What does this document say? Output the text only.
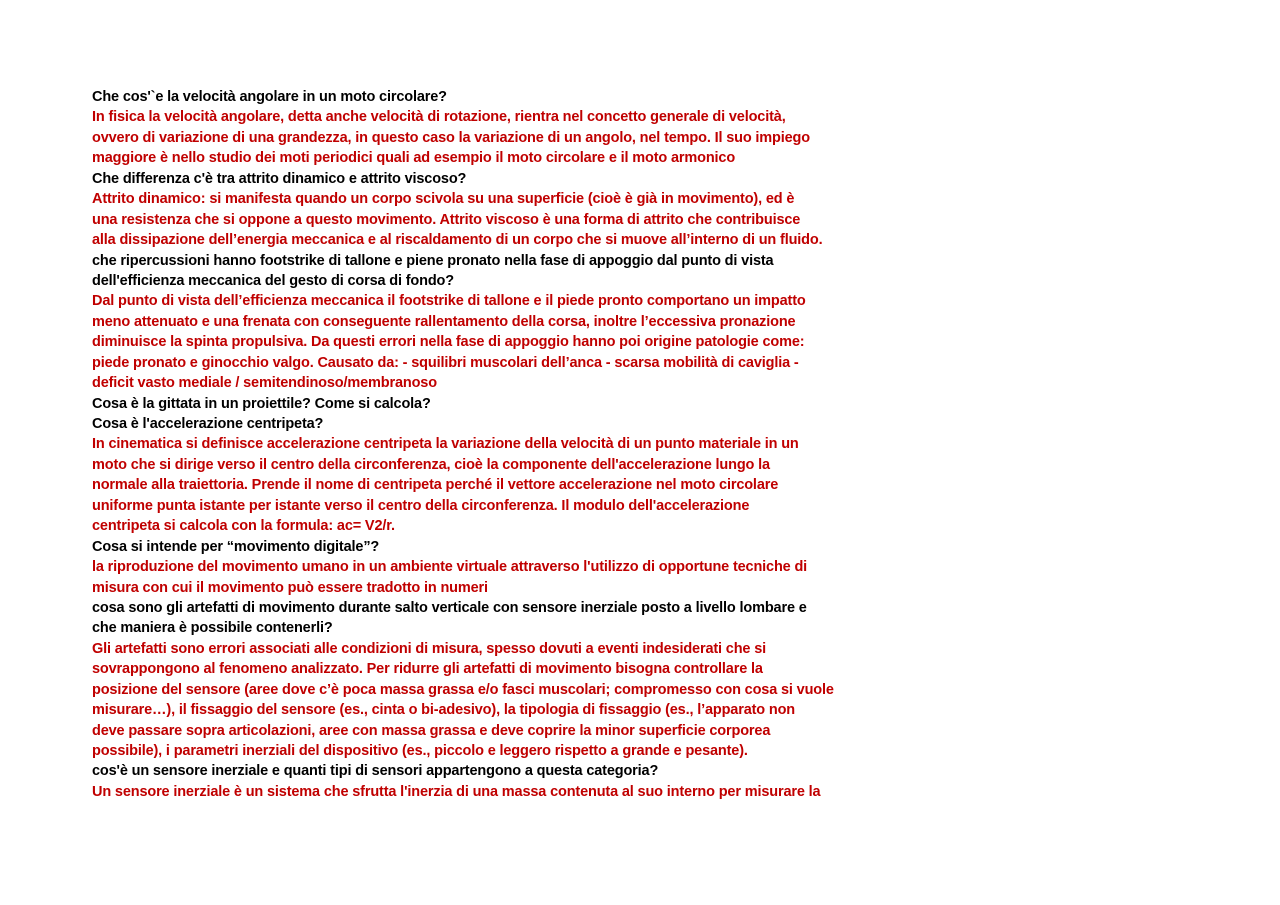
Che cos'`e la velocità angolare in un moto circolare?
In fisica la velocità angolare, detta anche velocità di rotazione, rientra nel concetto generale di velocità,
ovvero di variazione di una grandezza, in questo caso la variazione di un angolo, nel tempo. Il suo impiego
maggiore è nello studio dei moti periodici quali ad esempio il moto circolare e il moto armonico
Che differenza c'è tra attrito dinamico e attrito viscoso?
Attrito dinamico: si manifesta quando un corpo scivola su una superficie (cioè è già in movimento), ed è
una resistenza che si oppone a questo movimento. Attrito viscoso è una forma di attrito che contribuisce
alla dissipazione dell’energia meccanica e al riscaldamento di un corpo che si muove all’interno di un fluido.
che ripercussioni hanno footstrike di tallone e piene pronato nella fase di appoggio dal punto di vista
dell'efficienza meccanica del gesto di corsa di fondo?
Dal punto di vista dell’efficienza meccanica il footstrike di tallone e il piede pronto comportano un impatto
meno attenuato e una frenata con conseguente rallentamento della corsa, inoltre l’eccessiva pronazione
diminuisce la spinta propulsiva. Da questi errori nella fase di appoggio hanno poi origine patologie come:
piede pronato e ginocchio valgo. Causato da: - squilibri muscolari dell’anca - scarsa mobilità di caviglia -
deficit vasto mediale / semitendinoso/membranoso
Cosa è la gittata in un proiettile? Come si calcola?
Cosa è l'accelerazione centripeta?
In cinematica si definisce accelerazione centripeta la variazione della velocità di un punto materiale in un
moto che si dirige verso il centro della circonferenza, cioè la componente dell'accelerazione lungo la
normale alla traiettoria. Prende il nome di centripeta perché il vettore accelerazione nel moto circolare
uniforme punta istante per istante verso il centro della circonferenza. Il modulo dell'accelerazione
centripeta si calcola con la formula: ac= V2/r.
Cosa si intende per “movimento digitale”?
la riproduzione del movimento umano in un ambiente virtuale attraverso l'utilizzo di opportune tecniche di
misura con cui il movimento può essere tradotto in numeri
cosa sono gli artefatti di movimento durante salto verticale con sensore inerziale posto a livello lombare e
che maniera è possibile contenerli?
Gli artefatti sono errori associati alle condizioni di misura, spesso dovuti a eventi indesiderati che si
sovrappongono al fenomeno analizzato. Per ridurre gli artefatti di movimento bisogna controllare la
posizione del sensore (aree dove c’è poca massa grassa e/o fasci muscolari; compromesso con cosa si vuole
misurare…), il fissaggio del sensore (es., cinta o bi-adesivo), la tipologia di fissaggio (es., l’apparato non
deve passare sopra articolazioni, aree con massa grassa e deve coprire la minor superficie corporea
possibile), i parametri inerziali del dispositivo (es., piccolo e leggero rispetto a grande e pesante).
cos'è un sensore inerziale e quanti tipi di sensori appartengono a questa categoria?
Un sensore inerziale è un sistema che sfrutta l'inerzia di una massa contenuta al suo interno per misurare la
